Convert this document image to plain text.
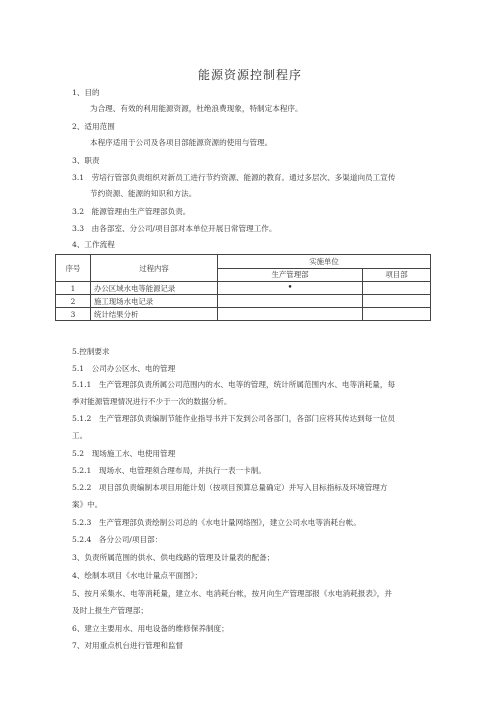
能源资源控制程序
1、目的
为合理、有效的利用能源资源，杜绝浪费现象，特制定本程序。
2、适用范围
本程序适用于公司及各项目部能源资源的使用与管理。
3、职责
3.1　劳培行管部负责组织对新员工进行节约资源、能源的教育。通过多层次、多渠道向员工宣传
节约资源、能源的知识和方法。
3.2　能源管理由生产管理部负责。
3.3　由各部室、分公司/项目部对本单位开展日常管理工作。
4、工作流程
序号	过程内容	实施单位	
		生产管理部	项目部
1	办公区域水电等能源记录	•	
2	施工现场水电记录		
3	统计结果分析		
5.控制要求
5.1　公司办公区水、电的管理
5.1.1　生产管理部负责所属公司范围内的水、电等的管理，统计所属范围内水、电等消耗量，每
季对能源管理情况进行不少于一次的数据分析。
5.1.2　生产管理部负责编制节能作业指导书并下发到公司各部门，各部门应将其传达到每一位员
工。
5.2　现场施工水、电使用管理
5.2.1　现场水、电管理须合理布局，并执行一表一卡制。
5.2.2　项目部负责编制本项目用能计划（按项目预算总量确定）并写入目标指标及环境管理方
案》中。
5.2.3　生产管理部负责绘制公司总的《水电计量网络图》，建立公司水电等消耗台帐。
5.2.4　各分公司/项目部：
3、负责所属范围的供水、供电线路的管理及计量表的配备；
4、绘制本项目《水电计量点平面图》；
5、按月采集水、电等消耗量，建立水、电消耗台帐，按月向生产管理部报《水电消耗报表》，并
及时上报生产管理部；
6、建立主要用水、用电设备的维修保养制度；
7、对用重点机台进行管理和监督
